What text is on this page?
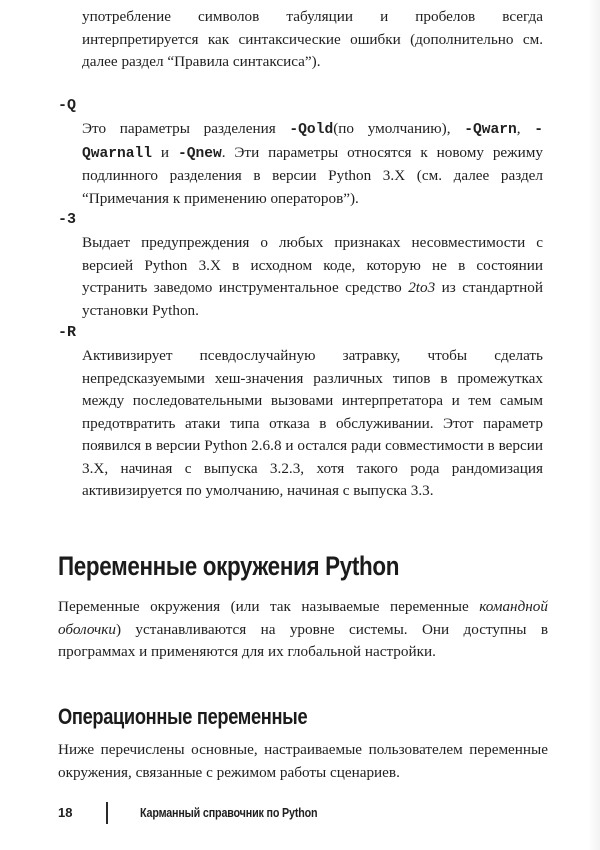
употребление символов табуляции и пробелов всегда интерпретируется как синтаксические ошибки (дополнительно см. далее раздел “Правила синтаксиса”).

-Q

Это параметры разделения -Qold(по умолчанию), -Qwarn, -Qwarnall и -Qnew. Эти параметры относятся к новому режиму подлинного разделения в версии Python 3.X (см. далее раздел “Примечания к применению операторов”).

-3

Выдает предупреждения о любых признаках несовместимости с версией Python 3.X в исходном коде, которую не в состоянии устранить заведомо инструментальное средство 2to3 из стандартной установки Python.

-R

Активизирует псевдослучайную затравку, чтобы сделать непредсказуемыми хеш-значения различных типов в промежутках между последовательными вызовами интерпретатора и тем самым предотвратить атаки типа отказа в обслуживании. Этот параметр появился в версии Python 2.6.8 и остался ради совместимости в версии 3.X, начиная с выпуска 3.2.3, хотя такого рода рандомизация активизируется по умолчанию, начиная с выпуска 3.3.

Переменные окружения Python

Переменные окружения (или так называемые переменные командной оболочки) устанавливаются на уровне системы. Они доступны в программах и применяются для их глобальной настройки.

Операционные переменные

Ниже перечислены основные, настраиваемые пользователем переменные окружения, связанные с режимом работы сценариев.

18	Карманный справочник по Python
